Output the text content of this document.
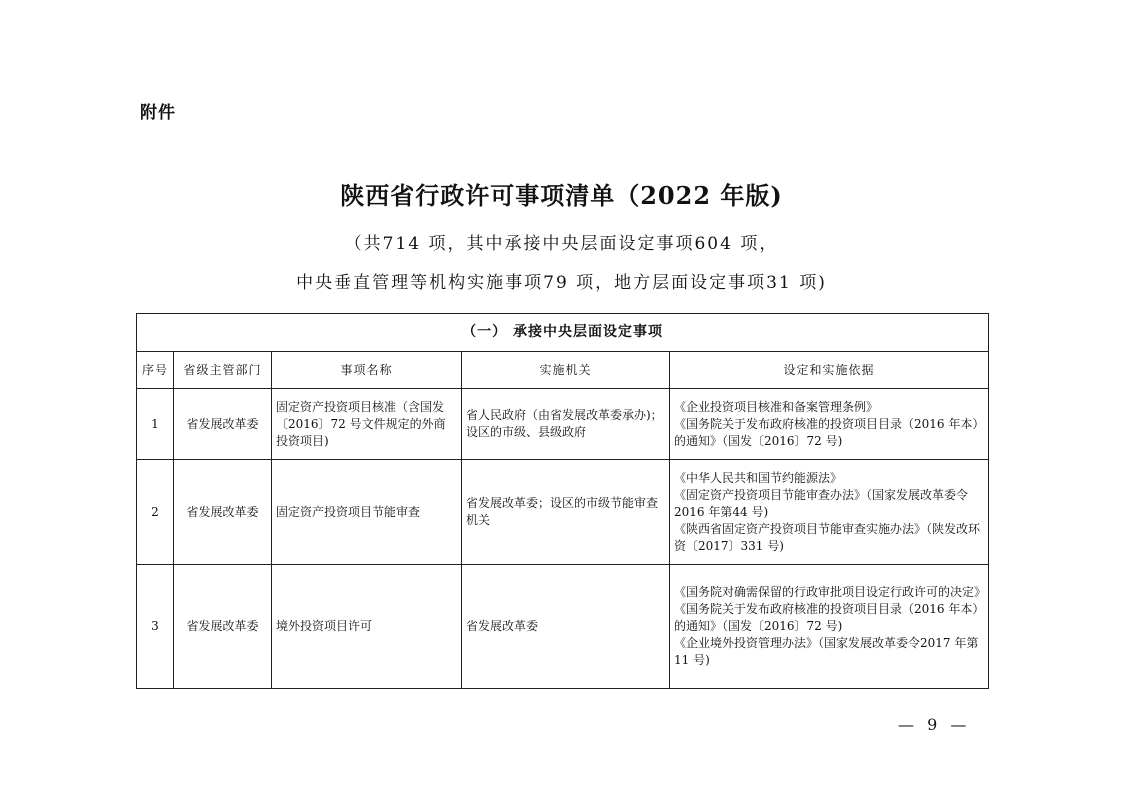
附件
陕西省行政许可事项清单（2022 年版)
（共714 项，其中承接中央层面设定事项604 项，
中央垂直管理等机构实施事项79 项，地方层面设定事项31 项)
（一） 承接中央层面设定事项				
序号	省级主管部门	事项名称	实施机关	设定和实施依据
1	省发展改革委	固定资产投资项目核准（含国发〔2016〕72 号文件规定的外商投资项目)	省人民政府（由省发展改革委承办)；设区的市级、县级政府	《企业投资项目核准和备案管理条例》
《国务院关于发布政府核准的投资项目目录（2016 年本）的通知》（国发〔2016〕72 号)

2	省发展改革委	固定资产投资项目节能审查	省发展改革委；设区的市级节能审查机关	《中华人民共和国节约能源法》
《固定资产投资项目节能审查办法》（国家发展改革委令2016 年第44 号)
《陕西省固定资产投资项目节能审查实施办法》（陕发改环资〔2017〕331 号)

3	省发展改革委	境外投资项目许可	省发展改革委	《国务院对确需保留的行政审批项目设定行政许可的决定》
《国务院关于发布政府核准的投资项目目录（2016 年本）的通知》（国发〔2016〕72 号)
《企业境外投资管理办法》（国家发展改革委令2017 年第11 号)
— 9 —
